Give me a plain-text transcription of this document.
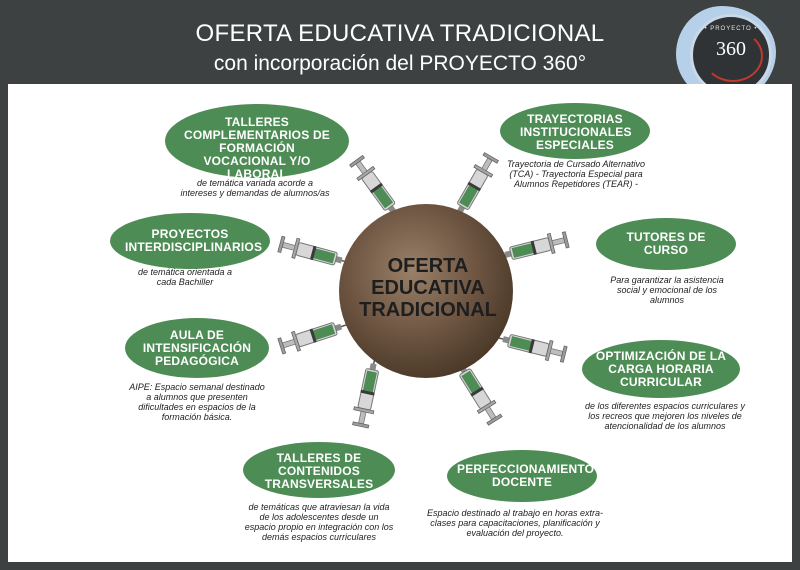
OFERTA EDUCATIVA TRADICIONAL
con incorporación del PROYECTO 360°
• PROYECTO •
360
OFERTA EDUCATIVA TRADICIONAL
TALLERES COMPLEMENTARIOS DE FORMACIÓN VOCACIONAL Y/O LABORAL
TRAYECTORIAS INSTITUCIONALES ESPECIALES
PROYECTOS INTERDISCIPLINARIOS
TUTORES DE CURSO
AULA DE INTENSIFICACIÓN PEDAGÓGICA	OPTIMIZACIÓN DE LA CARGA HORARIA CURRICULAR
TALLERES DE CONTENIDOS TRANSVERSALES
PERFECCIONAMIENTO DOCENTE
de temática variada acorde a intereses y demandas de alumnos/as
Trayectoria de Cursado Alternativo (TCA) - Trayectoria Especial para Alumnos Repetidores (TEAR) -
de temática orientada a cada Bachiller	Para garantizar la asistencia social y emocional de los alumnos
AIPE: Espacio semanal destinado a alumnos que presenten dificultades en espacios de la formación básica.
de los diferentes espacios curriculares y los recreos que mejoren los niveles de atencionalidad de los alumnos
de temáticas que atraviesan la vida de los adolescentes desde un espacio propio en integración con los demás espacios curriculares
Espacio destinado al trabajo en horas extra-clases para capacitaciones, planificación y evaluación del proyecto.
